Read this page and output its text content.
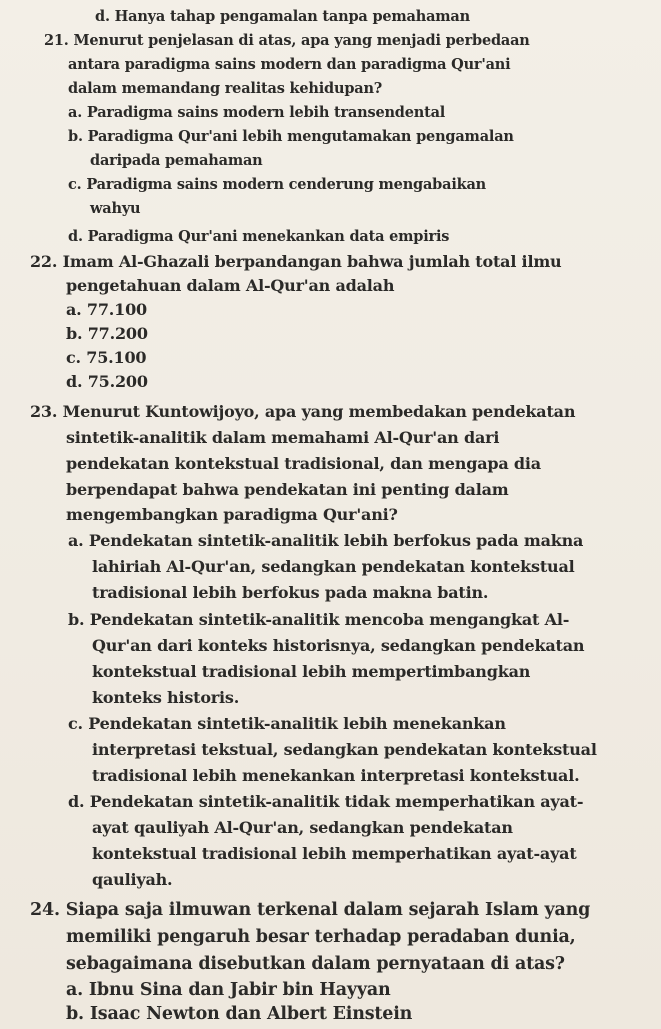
d. Hanya tahap pengamalan tanpa pemahaman
21. Menurut penjelasan di atas, apa yang menjadi perbedaan
antara paradigma sains modern dan paradigma Qur'ani
dalam memandang realitas kehidupan?
a. Paradigma sains modern lebih transendental
b. Paradigma Qur'ani lebih mengutamakan pengamalan
daripada pemahaman
c. Paradigma sains modern cenderung mengabaikan
wahyu
d. Paradigma Qur'ani menekankan data empiris
22. Imam Al-Ghazali berpandangan bahwa jumlah total ilmu
pengetahuan dalam Al-Qur'an adalah
a. 77.100
b. 77.200
c. 75.100
d. 75.200
23. Menurut Kuntowijoyo, apa yang membedakan pendekatan
sintetik-analitik dalam memahami Al-Qur'an dari
pendekatan kontekstual tradisional, dan mengapa dia
berpendapat bahwa pendekatan ini penting dalam
mengembangkan paradigma Qur'ani?
a. Pendekatan sintetik-analitik lebih berfokus pada makna
lahiriah Al-Qur'an, sedangkan pendekatan kontekstual
tradisional lebih berfokus pada makna batin.
b. Pendekatan sintetik-analitik mencoba mengangkat Al-
Qur'an dari konteks historisnya, sedangkan pendekatan
kontekstual tradisional lebih mempertimbangkan
konteks historis.
c. Pendekatan sintetik-analitik lebih menekankan
interpretasi tekstual, sedangkan pendekatan kontekstual
tradisional lebih menekankan interpretasi kontekstual.
d. Pendekatan sintetik-analitik tidak memperhatikan ayat-
ayat qauliyah Al-Qur'an, sedangkan pendekatan
kontekstual tradisional lebih memperhatikan ayat-ayat
qauliyah.
24. Siapa saja ilmuwan terkenal dalam sejarah Islam yang
memiliki pengaruh besar terhadap peradaban dunia,
sebagaimana disebutkan dalam pernyataan di atas?
a. Ibnu Sina dan Jabir bin Hayyan
b. Isaac Newton dan Albert Einstein
